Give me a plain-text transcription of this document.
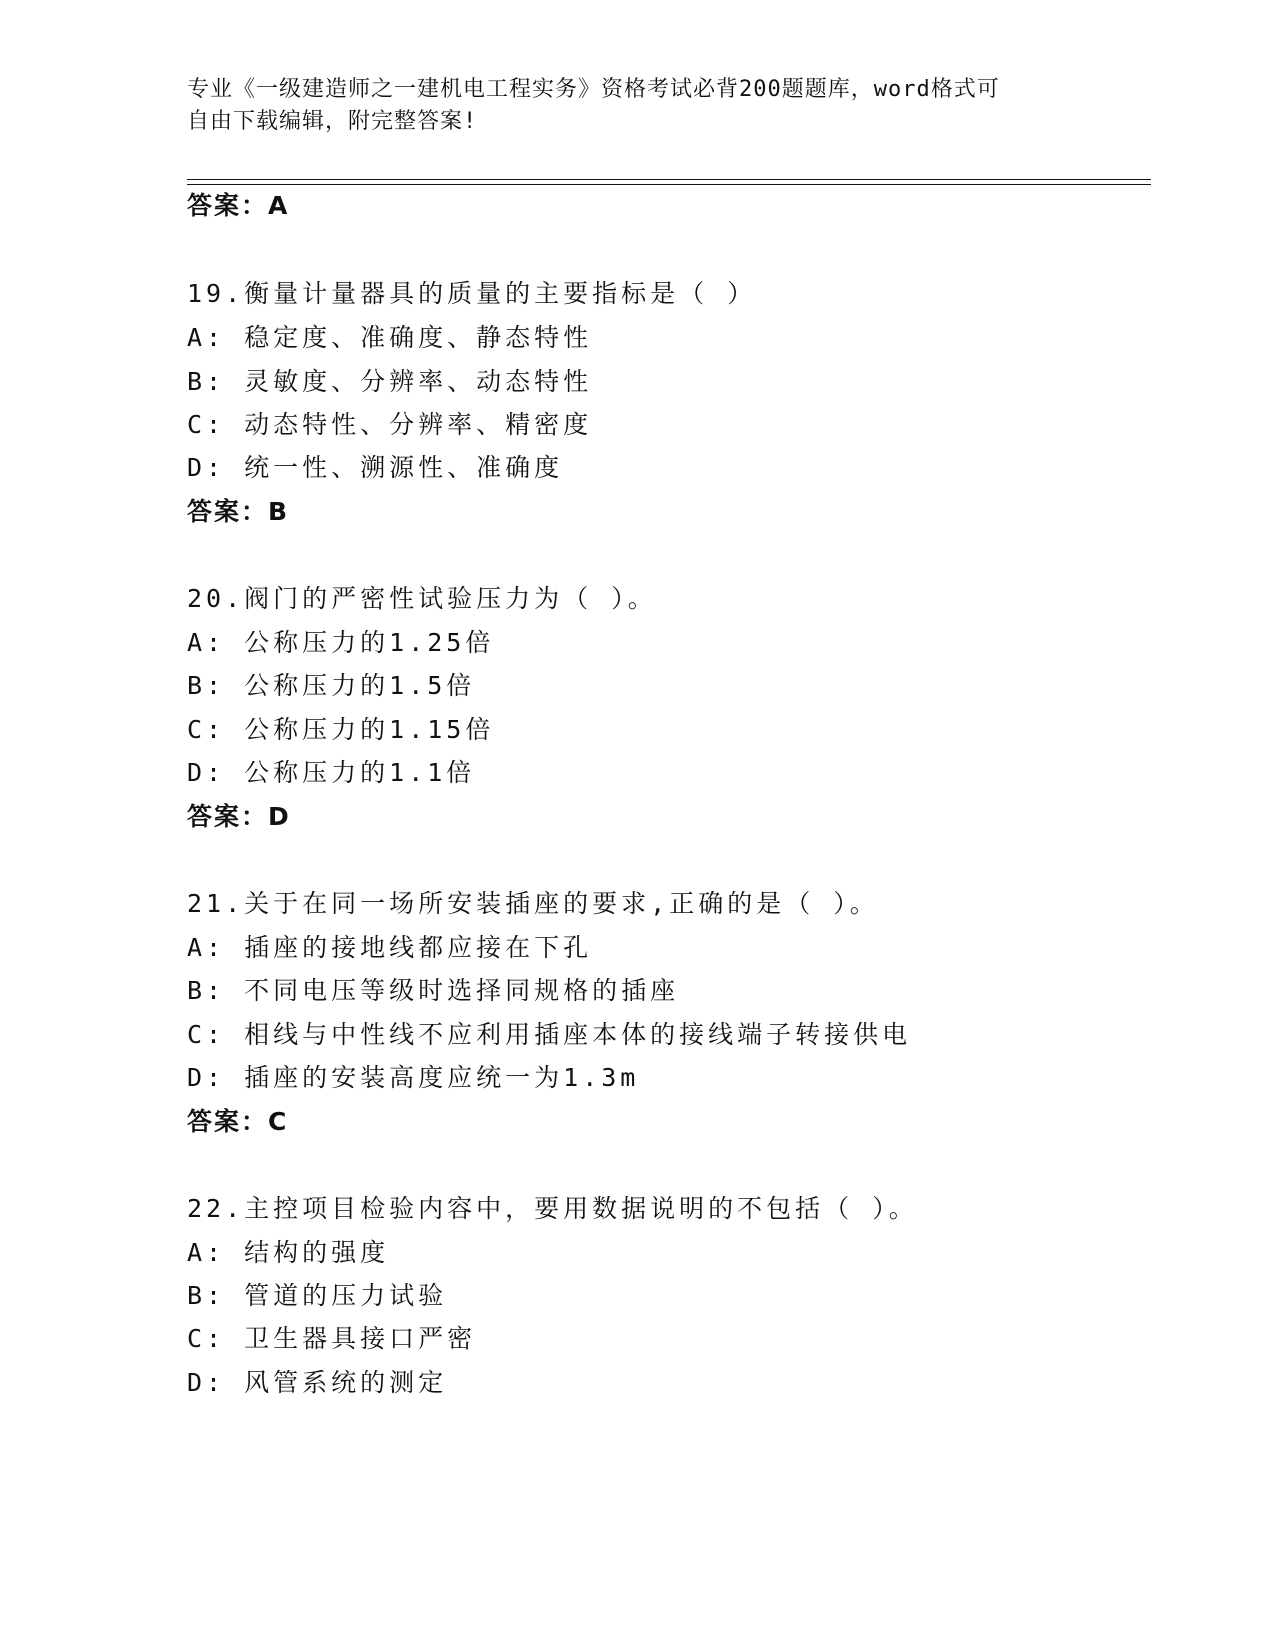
专业《一级建造师之一建机电工程实务》资格考试必背200题题库，word格式可
自由下载编辑，附完整答案!
答案：A
19.衡量计量器具的质量的主要指标是（ ）
A: 稳定度、准确度、静态特性
B: 灵敏度、分辨率、动态特性
C: 动态特性、分辨率、精密度
D: 统一性、溯源性、准确度
答案：B
20.阀门的严密性试验压力为（ ）。
A: 公称压力的1.25倍
B: 公称压力的1.5倍
C: 公称压力的1.15倍
D: 公称压力的1.1倍
答案：D
21.关于在同一场所安装插座的要求,正确的是（ ）。
A: 插座的接地线都应接在下孔
B: 不同电压等级时选择同规格的插座
C: 相线与中性线不应利用插座本体的接线端子转接供电
D: 插座的安装高度应统一为1.3m
答案：C
22.主控项目检验内容中，要用数据说明的不包括（ ）。
A: 结构的强度
B: 管道的压力试验
C: 卫生器具接口严密
D: 风管系统的测定
